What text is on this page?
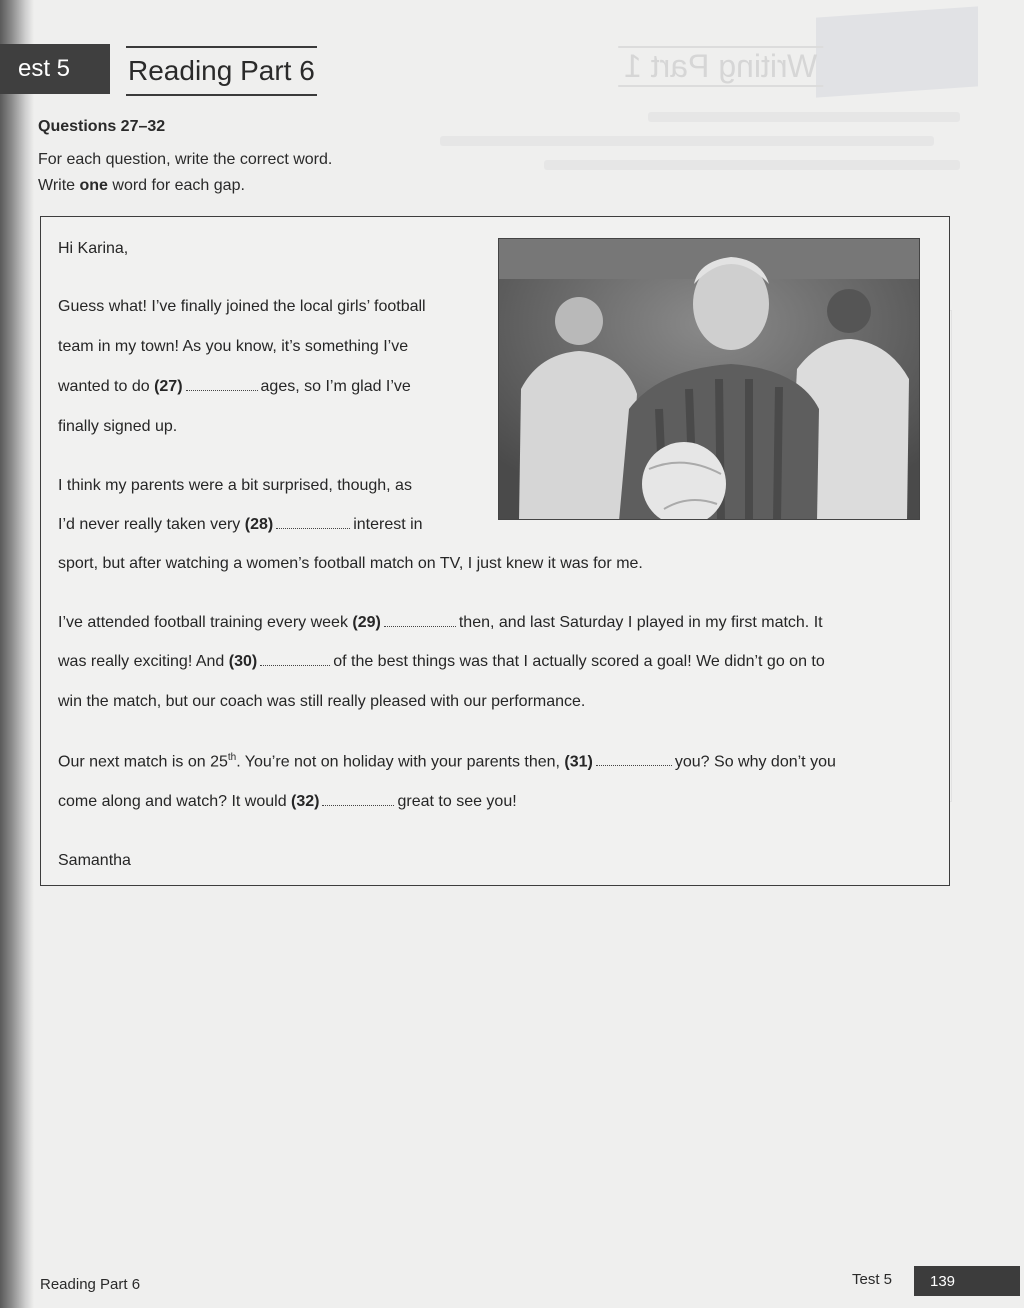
Writing Part 1
est 5 Reading Part 6
Questions 27–32
For each question, write the correct word.
Write one word for each gap.
Hi Karina,
Guess what! I’ve finally joined the local girls’ football
team in my town! As you know, it’s something I’ve
wanted to do (27)	ages, so I’m glad I’ve
finally signed up.
I think my parents were a bit surprised, though, as
I’d never really taken very (28)	interest in
sport, but after watching a women’s football match on TV, I just knew it was for me.
I’ve attended football training every week (29)	then, and last Saturday I played in my first match. It
was really exciting! And (30)	of the best things was that I actually scored a goal! We didn’t go on to
win the match, but our coach was still really pleased with our performance.
Our next match is on 25th. You’re not on holiday with your parents then, (31)	you? So why don’t you
come along and watch? It would (32)	great to see you!
Samantha
Reading Part 6	Test 5	139
